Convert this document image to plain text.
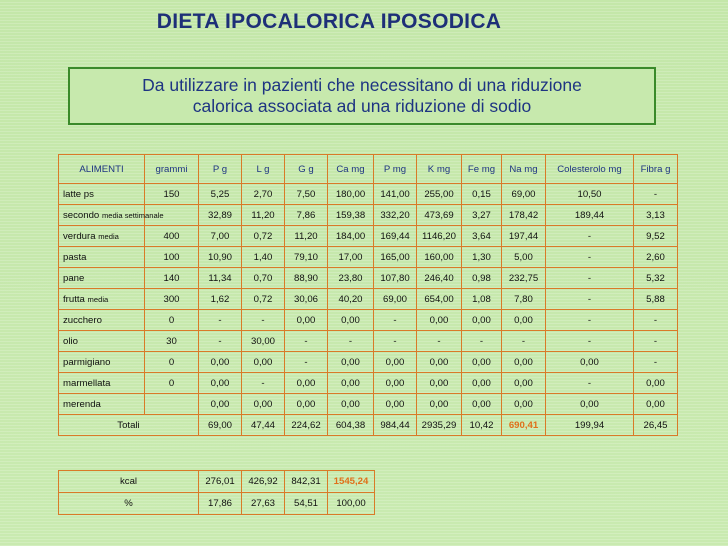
DIETA IPOCALORICA IPOSODICA
Da utilizzare in pazienti che necessitano di una riduzione
calorica associata ad una riduzione di sodio
ALIMENTI	grammi	P g	L g	G g	Ca mg	P mg	K mg	Fe mg	Na mg	Colesterolo mg	Fibra g
latte ps	150	5,25	2,70	7,50	180,00	141,00	255,00	0,15	69,00	10,50	-
secondo media settimanale		32,89	11,20	7,86	159,38	332,20	473,69	3,27	178,42	189,44	3,13
verdura media	400	7,00	0,72	11,20	184,00	169,44	1146,20	3,64	197,44	-	9,52
pasta	100	10,90	1,40	79,10	17,00	165,00	160,00	1,30	5,00	-	2,60
pane	140	11,34	0,70	88,90	23,80	107,80	246,40	0,98	232,75	-	5,32
frutta media	300	1,62	0,72	30,06	40,20	69,00	654,00	1,08	7,80	-	5,88
zucchero	0	-	-	0,00	0,00	-	0,00	0,00	0,00	-	-
olio	30	-	30,00	-	-	-	-	-	-	-	-
parmigiano	0	0,00	0,00	-	0,00	0,00	0,00	0,00	0,00	0,00	-
marmellata	0	0,00	-	0,00	0,00	0,00	0,00	0,00	0,00	-	0,00
merenda		0,00	0,00	0,00	0,00	0,00	0,00	0,00	0,00	0,00	0,00
Totali		69,00	47,44	224,62	604,38	984,44	2935,29	10,42	690,41	199,94	26,45
kcal	276,01	426,92	842,31	1545,24
%	17,86	27,63	54,51	100,00
